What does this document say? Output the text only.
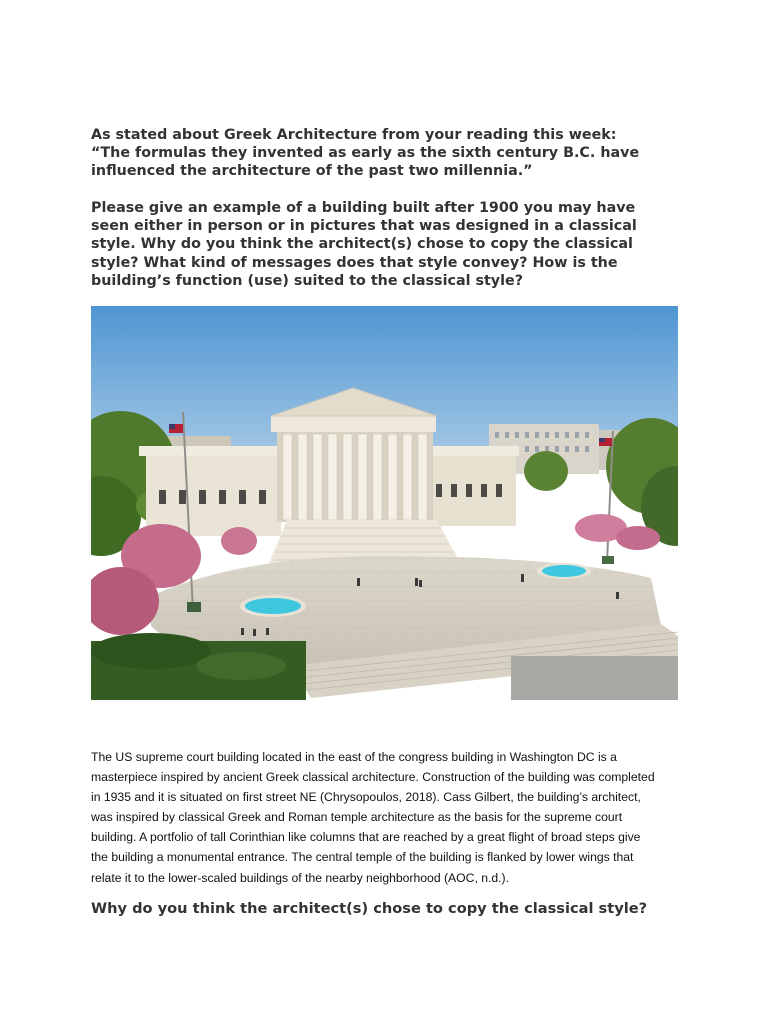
As stated about Greek Architecture from your reading this week:

“The formulas they invented as early as the sixth century B.C. have

influenced the architecture of the past two millennia.”

Please give an example of a building built after 1900 you may have

seen either in person or in pictures that was designed in a classical

style. Why do you think the architect(s) chose to copy the classical

style? What kind of messages does that style convey? How is the

building’s function (use) suited to the classical style?

The US supreme court building located in the east of the congress building in Washington DC is a
masterpiece inspired by ancient Greek classical architecture. Construction of the building was completed
in 1935 and it is situated on first street NE (Chrysopoulos, 2018). Cass Gilbert, the building’s architect,
was inspired by classical Greek and Roman temple architecture as the basis for the supreme court
building. A portfolio of tall Corinthian like columns that are reached by a great flight of broad steps give
the building a monumental entrance. The central temple of the building is flanked by lower wings that
relate it to the lower-scaled buildings of the nearby neighborhood (AOC, n.d.).

Why do you think the architect(s) chose to copy the classical style?
